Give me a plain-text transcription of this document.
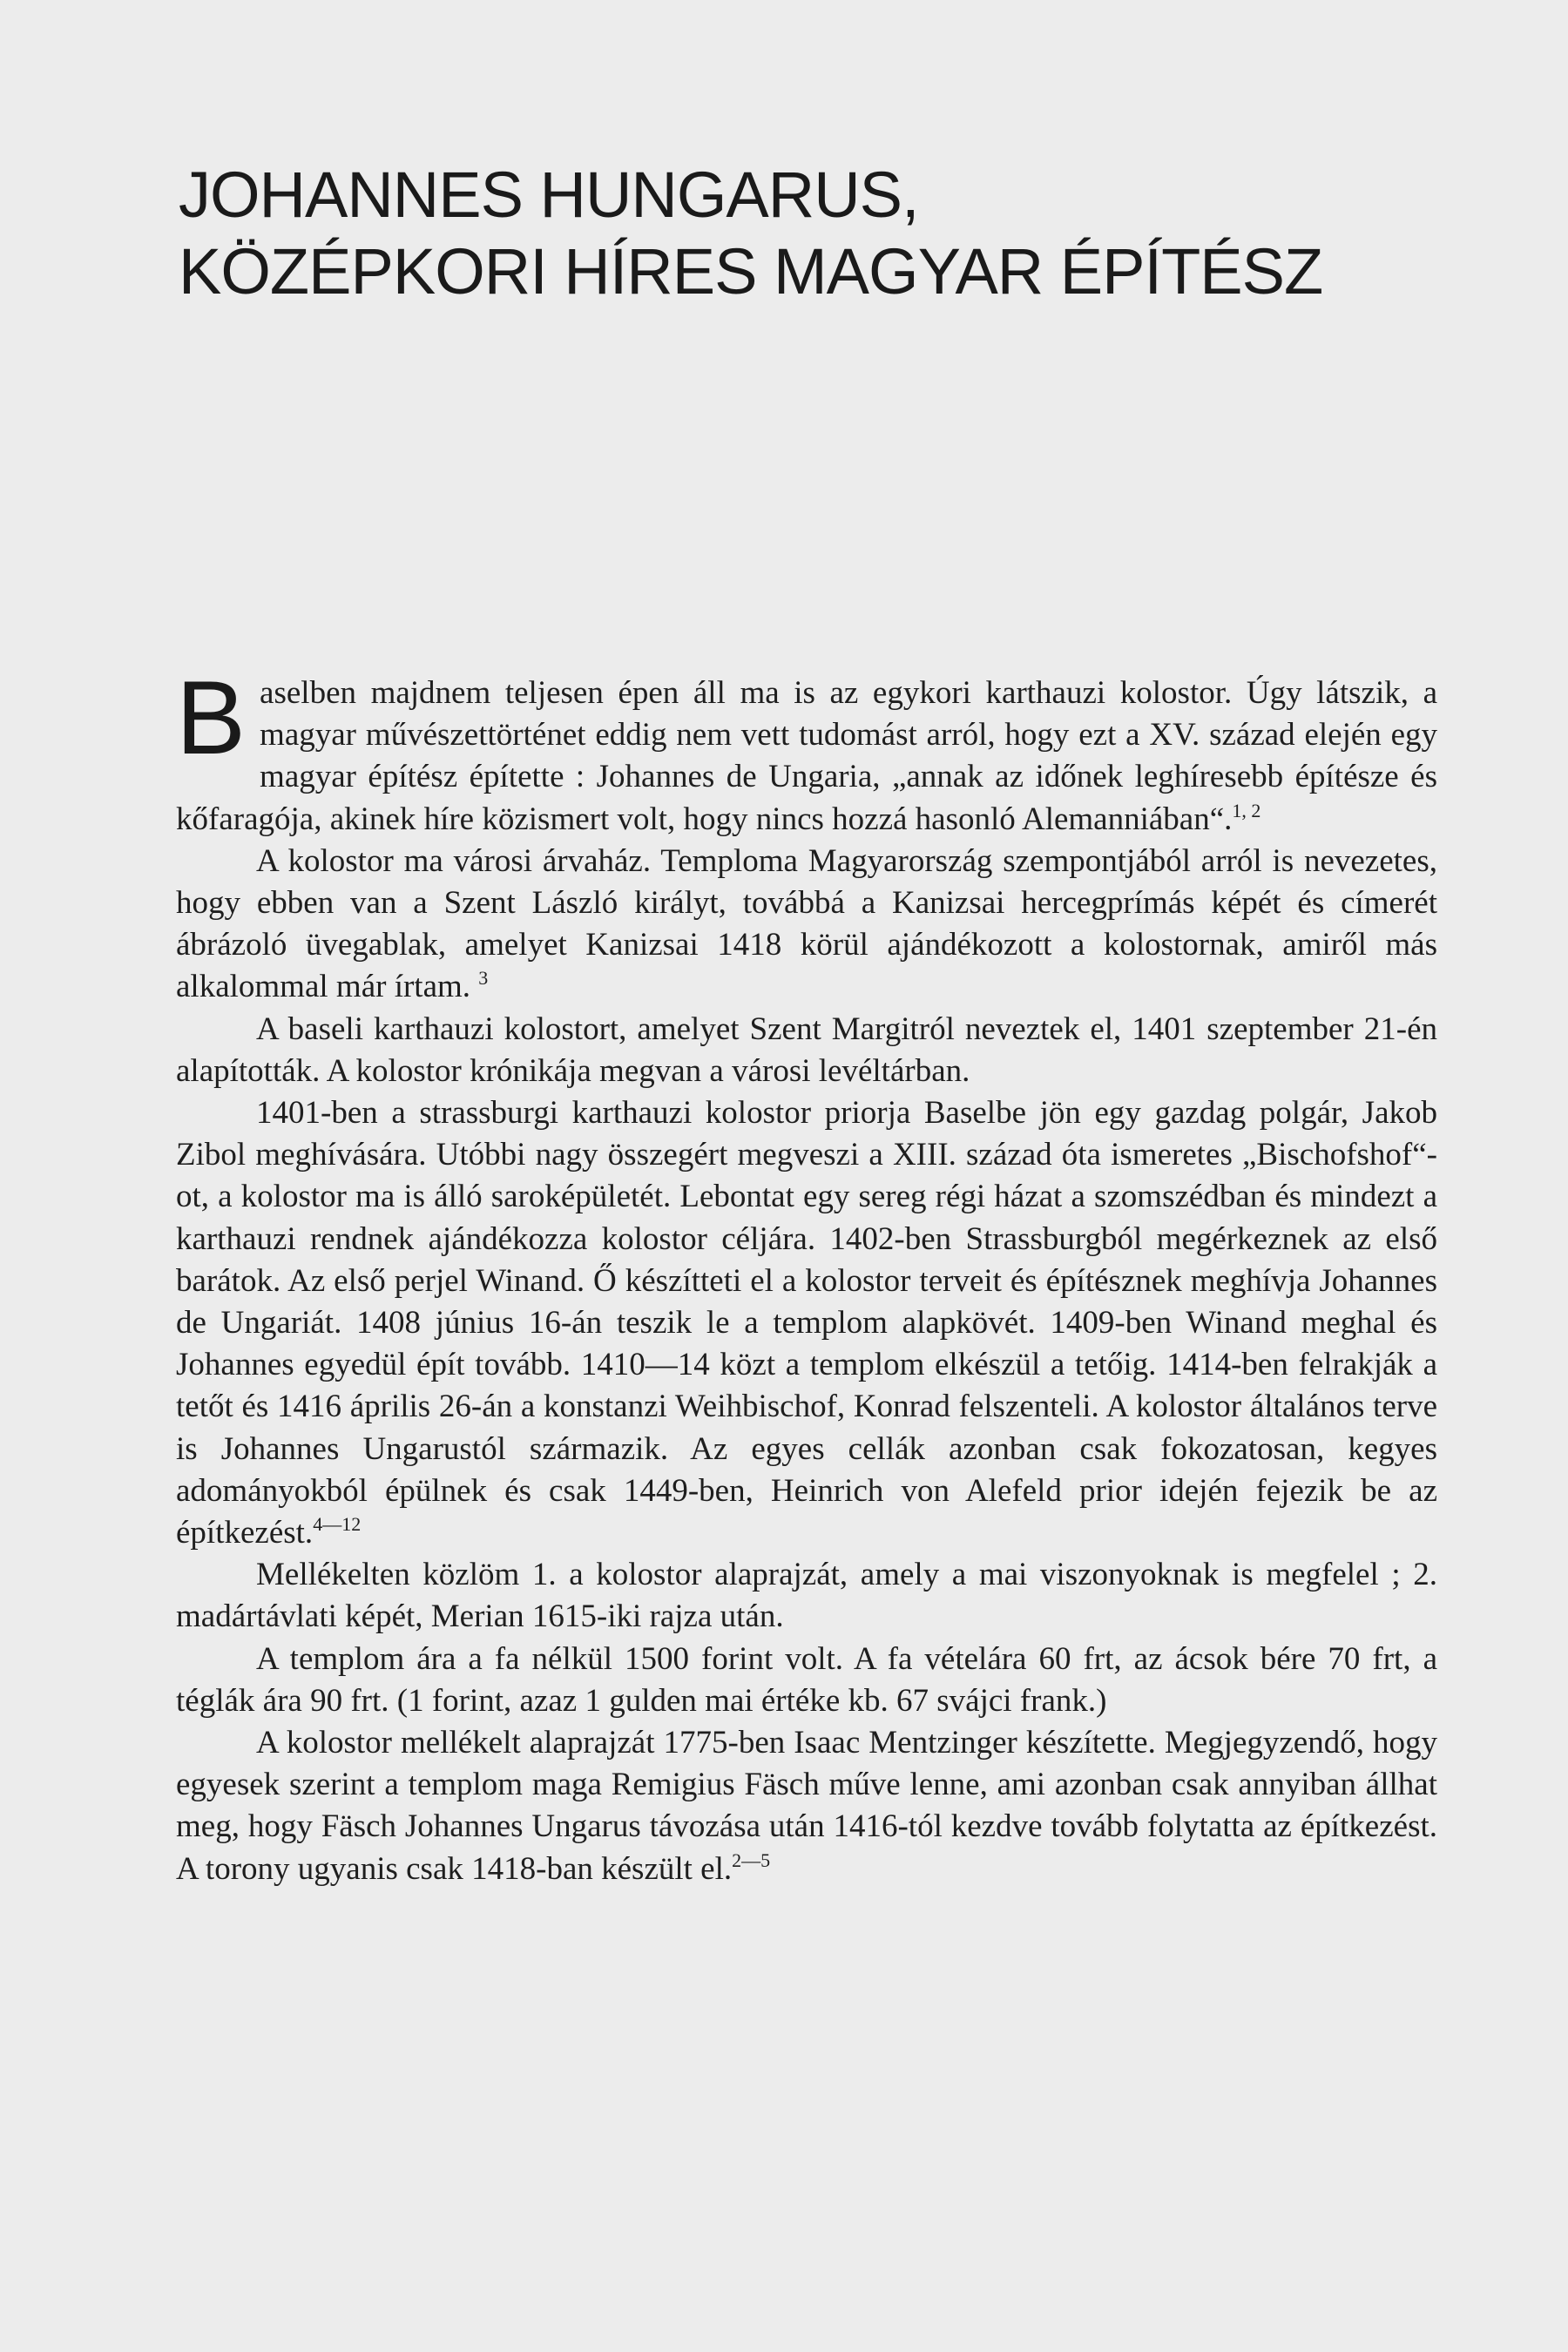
JOHANNES HUNGARUS,
KÖZÉPKORI HÍRES MAGYAR ÉPÍTÉSZ

Baselben majdnem teljesen épen áll ma is az egykori karthauzi kolostor. Úgy látszik, a magyar művészettörténet eddig nem vett tudomást arról, hogy ezt a XV. század elején egy magyar építész építette : Johannes de Ungaria, „annak az időnek leghíresebb építésze és kőfaragója, akinek híre közismert volt, hogy nincs hozzá hasonló Alemanniában“.$^{1, 2}$

A kolostor ma városi árvaház. Temploma Magyarország szempontjából arról is nevezetes, hogy ebben van a Szent László királyt, továbbá a Kanizsai hercegprímás képét és címerét ábrázoló üvegablak, amelyet Kanizsai 1418 körül ajándékozott a kolostornak, amiről más alkalommal már írtam. $^3$

A baseli karthauzi kolostort, amelyet Szent Margitról neveztek el, 1401 szeptember 21-én alapították. A kolostor krónikája megvan a városi levéltárban.

1401-ben a strassburgi karthauzi kolostor priorja Baselbe jön egy gazdag polgár, Jakob Zibol meghívására. Utóbbi nagy összegért megveszi a XIII. század óta ismeretes „Bischofshof“-ot, a kolostor ma is álló saroképületét. Lebontat egy sereg régi házat a szomszédban és mindezt a karthauzi rendnek ajándékozza kolostor céljára. 1402-ben Strassburgból megérkeznek az első barátok. Az első perjel Winand. Ő készítteti el a kolostor terveit és építésznek meghívja Johannes de Ungariát. 1408 június 16-án teszik le a templom alapkövét. 1409-ben Winand meghal és Johannes egyedül épít tovább. 1410—14 közt a templom elkészül a tetőig. 1414-ben felrakják a tetőt és 1416 április 26-án a konstanzi Weihbischof, Konrad felszenteli. A kolostor általános terve is Johannes Ungarustól származik. Az egyes cellák azonban csak fokozatosan, kegyes adományokból épülnek és csak 1449-ben, Heinrich von Alefeld prior idején fejezik be az építkezést.$^{4—12}$

Mellékelten közlöm 1. a kolostor alaprajzát, amely a mai viszonyoknak is megfelel ; 2. madártávlati képét, Merian 1615-iki rajza után.

A templom ára a fa nélkül 1500 forint volt. A fa vételára 60 frt, az ácsok bére 70 frt, a téglák ára 90 frt. (1 forint, azaz 1 gulden mai értéke kb. 67 svájci frank.)

A kolostor mellékelt alaprajzát 1775-ben Isaac Mentzinger készítette. Megjegyzendő, hogy egyesek szerint a templom maga Remigius Fäsch műve lenne, ami azonban csak annyiban állhat meg, hogy Fäsch Johannes Ungarus távozása után 1416-tól kezdve tovább folytatta az építkezést. A torony ugyanis csak 1418-ban készült el.$^{2—5}$
